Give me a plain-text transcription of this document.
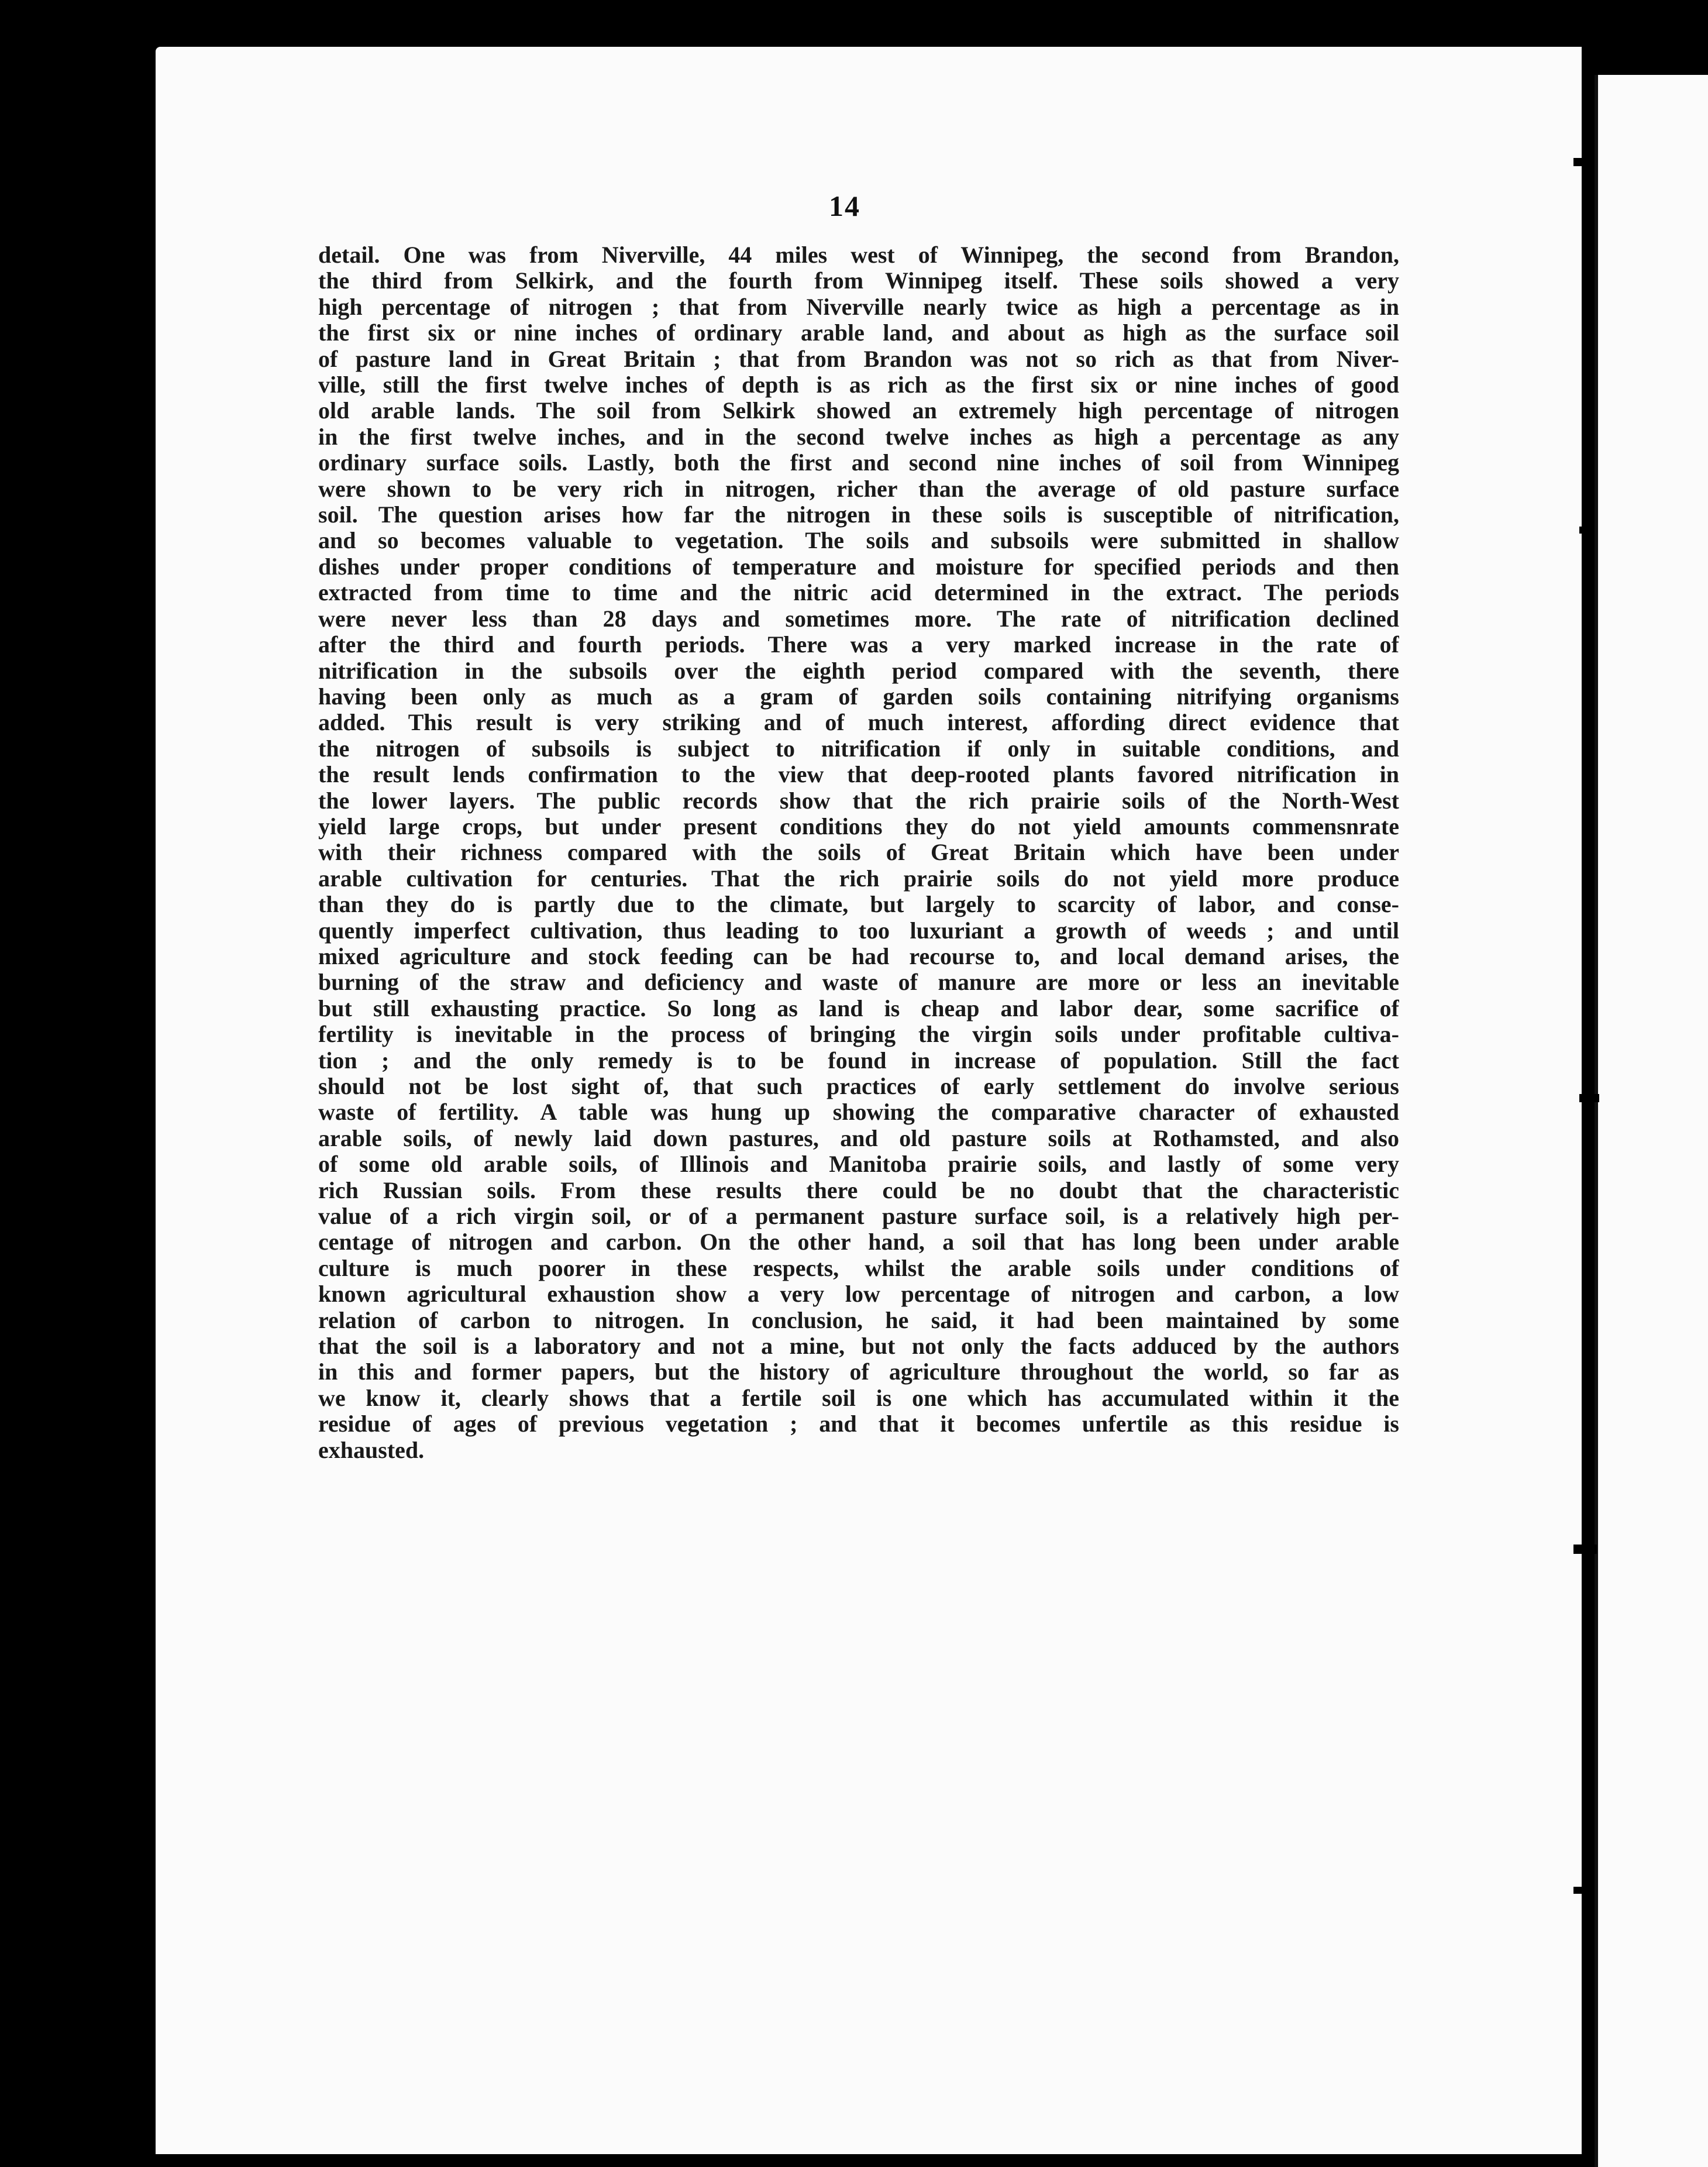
14
detail. One was from Niverville, 44 miles west of Winnipeg, the second from Brandon,
the third from Selkirk, and the fourth from Winnipeg itself. These soils showed a very
high percentage of nitrogen ; that from Niverville nearly twice as high a percentage as in
the first six or nine inches of ordinary arable land, and about as high as the surface soil
of pasture land in Great Britain ; that from Brandon was not so rich as that from Niver-
ville, still the first twelve inches of depth is as rich as the first six or nine inches of good
old arable lands. The soil from Selkirk showed an extremely high percentage of nitrogen
in the first twelve inches, and in the second twelve inches as high a percentage as any
ordinary surface soils. Lastly, both the first and second nine inches of soil from Winnipeg
were shown to be very rich in nitrogen, richer than the average of old pasture surface
soil. The question arises how far the nitrogen in these soils is susceptible of nitrification,
and so becomes valuable to vegetation. The soils and subsoils were submitted in shallow
dishes under proper conditions of temperature and moisture for specified periods and then
extracted from time to time and the nitric acid determined in the extract. The periods
were never less than 28 days and sometimes more. The rate of nitrification declined
after the third and fourth periods. There was a very marked increase in the rate of
nitrification in the subsoils over the eighth period compared with the seventh, there
having been only as much as a gram of garden soils containing nitrifying organisms
added. This result is very striking and of much interest, affording direct evidence that
the nitrogen of subsoils is subject to nitrification if only in suitable conditions, and
the result lends confirmation to the view that deep-rooted plants favored nitrification in
the lower layers. The public records show that the rich prairie soils of the North-West
yield large crops, but under present conditions they do not yield amounts commensnrate
with their richness compared with the soils of Great Britain which have been under
arable cultivation for centuries. That the rich prairie soils do not yield more produce
than they do is partly due to the climate, but largely to scarcity of labor, and conse-
quently imperfect cultivation, thus leading to too luxuriant a growth of weeds ; and until
mixed agriculture and stock feeding can be had recourse to, and local demand arises, the
burning of the straw and deficiency and waste of manure are more or less an inevitable
but still exhausting practice. So long as land is cheap and labor dear, some sacrifice of
fertility is inevitable in the process of bringing the virgin soils under profitable cultiva-
tion ; and the only remedy is to be found in increase of population. Still the fact
should not be lost sight of, that such practices of early settlement do involve serious
waste of fertility. A table was hung up showing the comparative character of exhausted
arable soils, of newly laid down pastures, and old pasture soils at Rothamsted, and also
of some old arable soils, of Illinois and Manitoba prairie soils, and lastly of some very
rich Russian soils. From these results there could be no doubt that the characteristic
value of a rich virgin soil, or of a permanent pasture surface soil, is a relatively high per-
centage of nitrogen and carbon. On the other hand, a soil that has long been under arable
culture is much poorer in these respects, whilst the arable soils under conditions of
known agricultural exhaustion show a very low percentage of nitrogen and carbon, a low
relation of carbon to nitrogen. In conclusion, he said, it had been maintained by some
that the soil is a laboratory and not a mine, but not only the facts adduced by the authors
in this and former papers, but the history of agriculture throughout the world, so far as
we know it, clearly shows that a fertile soil is one which has accumulated within it the
residue of ages of previous vegetation ; and that it becomes unfertile as this residue is
exhausted.
